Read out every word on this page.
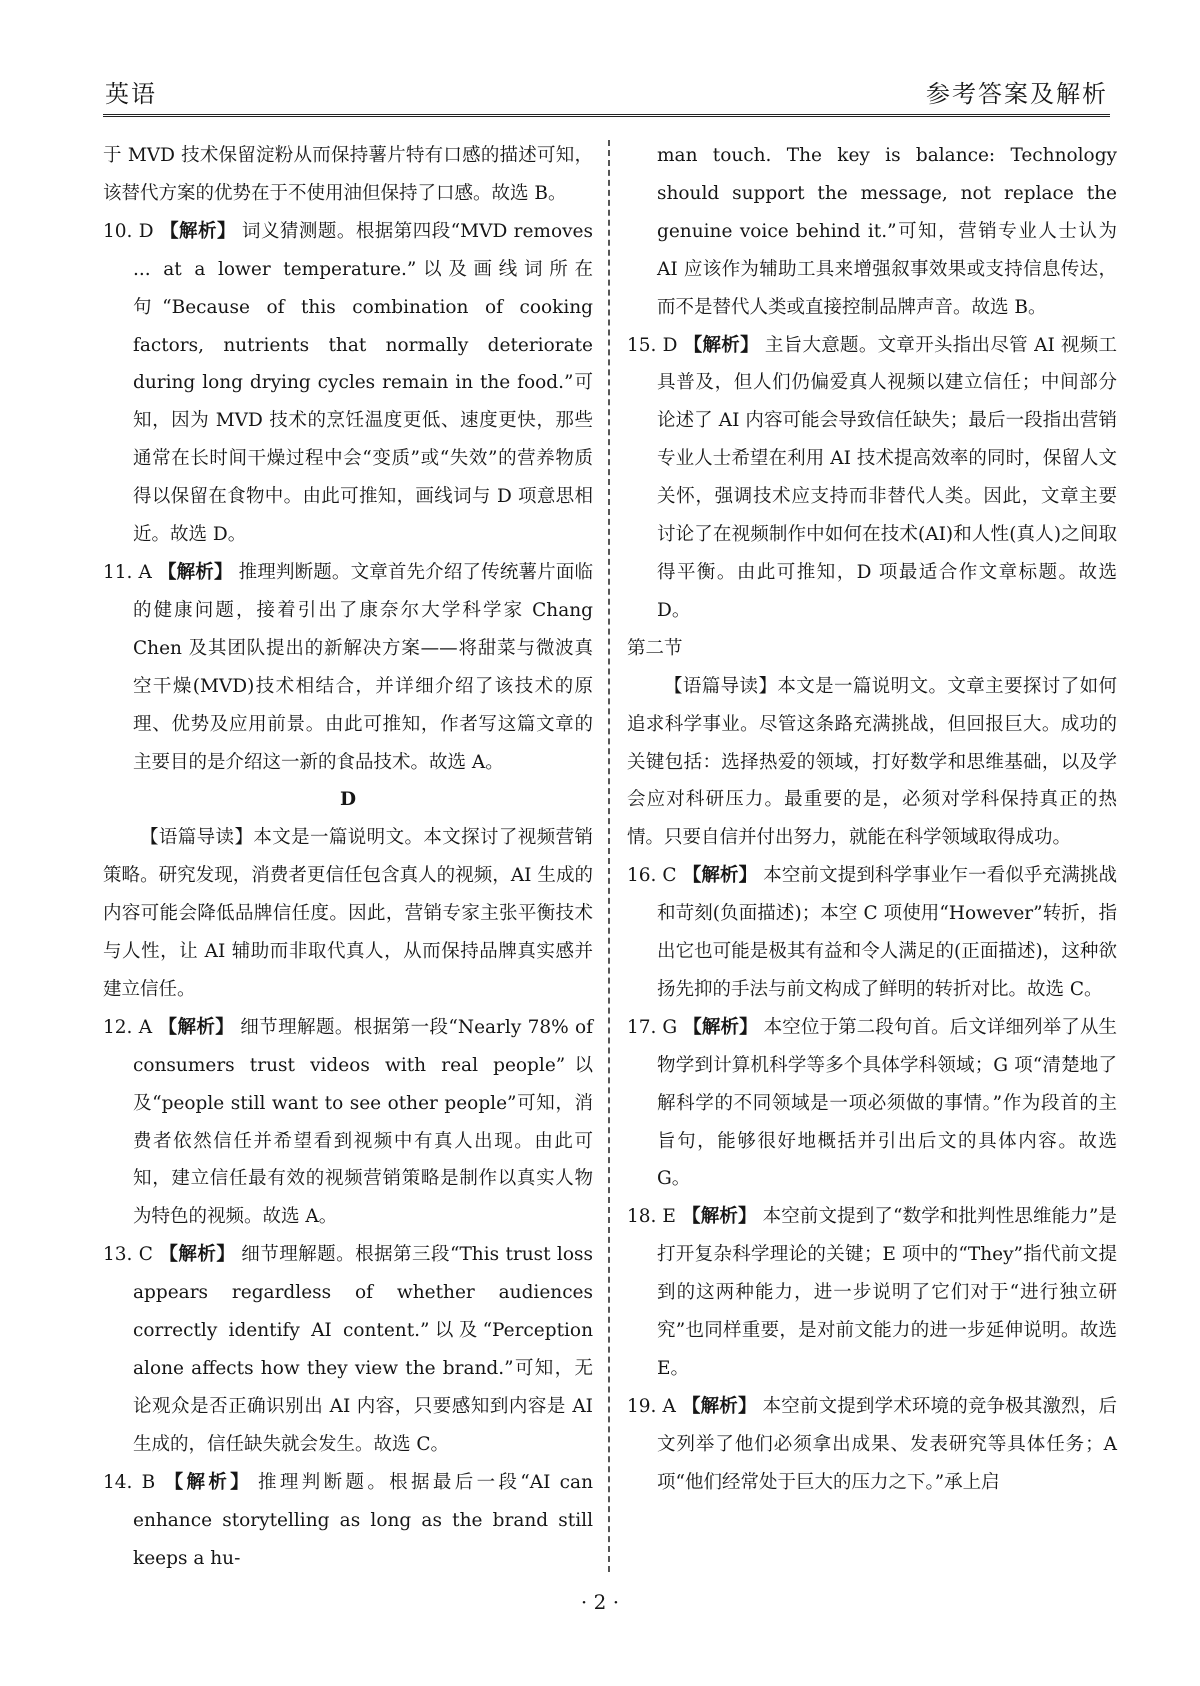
英语	参考答案及解析

于 MVD 技术保留淀粉从而保持薯片特有口感的描述可知，该替代方案的优势在于不使用油但保持了口感。故选 B。

10. D 【解析】 词义猜测题。根据第四段“MVD removes ... at a lower temperature.”以及画线词所在句“Because of this combination of cooking factors, nutrients that normally deteriorate during long drying cycles remain in the food.”可知，因为 MVD 技术的烹饪温度更低、速度更快，那些通常在长时间干燥过程中会“变质”或“失效”的营养物质得以保留在食物中。由此可推知，画线词与 D 项意思相近。故选 D。

11. A 【解析】 推理判断题。文章首先介绍了传统薯片面临的健康问题，接着引出了康奈尔大学科学家 Chang Chen 及其团队提出的新解决方案——将甜菜与微波真空干燥(MVD)技术相结合，并详细介绍了该技术的原理、优势及应用前景。由此可推知，作者写这篇文章的主要目的是介绍这一新的食品技术。故选 A。

D

【语篇导读】本文是一篇说明文。本文探讨了视频营销策略。研究发现，消费者更信任包含真人的视频，AI 生成的内容可能会降低品牌信任度。因此，营销专家主张平衡技术与人性，让 AI 辅助而非取代真人，从而保持品牌真实感并建立信任。

12. A 【解析】 细节理解题。根据第一段“Nearly 78% of consumers trust videos with real people”以及“people still want to see other people”可知，消费者依然信任并希望看到视频中有真人出现。由此可知，建立信任最有效的视频营销策略是制作以真实人物为特色的视频。故选 A。

13. C 【解析】 细节理解题。根据第三段“This trust loss appears regardless of whether audiences correctly identify AI content.”以及“Perception alone affects how they view the brand.”可知，无论观众是否正确识别出 AI 内容，只要感知到内容是 AI 生成的，信任缺失就会发生。故选 C。

14. B 【解析】 推理判断题。根据最后一段“AI can enhance storytelling as long as the brand still keeps a hu-

man touch. The key is balance: Technology should support the message, not replace the genuine voice behind it.”可知，营销专业人士认为 AI 应该作为辅助工具来增强叙事效果或支持信息传达，而不是替代人类或直接控制品牌声音。故选 B。

15. D 【解析】 主旨大意题。文章开头指出尽管 AI 视频工具普及，但人们仍偏爱真人视频以建立信任；中间部分论述了 AI 内容可能会导致信任缺失；最后一段指出营销专业人士希望在利用 AI 技术提高效率的同时，保留人文关怀，强调技术应支持而非替代人类。因此，文章主要讨论了在视频制作中如何在技术(AI)和人性(真人)之间取得平衡。由此可推知，D 项最适合作文章标题。故选 D。

第二节

【语篇导读】本文是一篇说明文。文章主要探讨了如何追求科学事业。尽管这条路充满挑战，但回报巨大。成功的关键包括：选择热爱的领域，打好数学和思维基础，以及学会应对科研压力。最重要的是，必须对学科保持真正的热情。只要自信并付出努力，就能在科学领域取得成功。

16. C 【解析】 本空前文提到科学事业乍一看似乎充满挑战和苛刻(负面描述)；本空 C 项使用“However”转折，指出它也可能是极其有益和令人满足的(正面描述)，这种欲扬先抑的手法与前文构成了鲜明的转折对比。故选 C。

17. G 【解析】 本空位于第二段句首。后文详细列举了从生物学到计算机科学等多个具体学科领域；G 项“清楚地了解科学的不同领域是一项必须做的事情。”作为段首的主旨句，能够很好地概括并引出后文的具体内容。故选 G。

18. E 【解析】 本空前文提到了“数学和批判性思维能力”是打开复杂科学理论的关键；E 项中的“They”指代前文提到的这两种能力，进一步说明了它们对于“进行独立研究”也同样重要，是对前文能力的进一步延伸说明。故选 E。

19. A 【解析】 本空前文提到学术环境的竞争极其激烈，后文列举了他们必须拿出成果、发表研究等具体任务；A 项“他们经常处于巨大的压力之下。”承上启

· 2 ·
